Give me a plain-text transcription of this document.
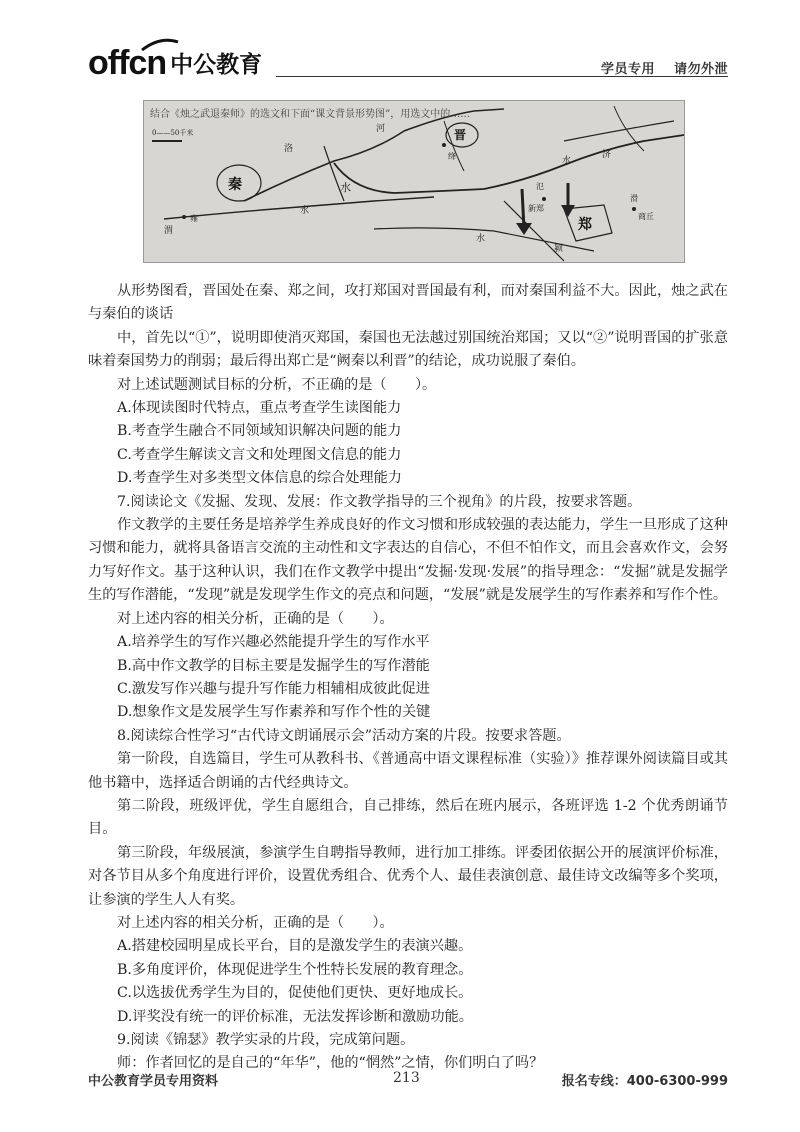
offcn 中公教育	学员专用 请勿外泄
秦
晋
郑
河
水
水
水
水
济
绛
雍
氾
滑
新郑
商丘
渭
洛
颍
0——50千米
结合《烛之武退秦师》的选文和下面“课文背景形势图”，用选文中的……

从形势图看，晋国处在秦、郑之间，攻打郑国对晋国最有利，而对秦国利益不大。因此，烛之武在与秦伯的谈话

中，首先以“①”，说明即使消灭郑国，秦国也无法越过别国统治郑国；又以“②”说明晋国的扩张意味着秦国势力的削弱；最后得出郑亡是“阙秦以利晋”的结论，成功说服了秦伯。

对上述试题测试目标的分析，不正确的是（　　）。

A.体现读图时代特点，重点考查学生读图能力

B.考查学生融合不同领域知识解决问题的能力

C.考查学生解读文言文和处理图文信息的能力

D.考查学生对多类型文体信息的综合处理能力

7.阅读论文《发掘、发现、发展：作文教学指导的三个视角》的片段，按要求答题。

作文教学的主要任务是培养学生养成良好的作文习惯和形成较强的表达能力，学生一旦形成了这种习惯和能力，就将具备语言交流的主动性和文字表达的自信心，不但不怕作文，而且会喜欢作文，会努力写好作文。基于这种认识，我们在作文教学中提出“发掘·发现·发展”的指导理念：“发掘”就是发掘学生的写作潜能，“发现”就是发现学生作文的亮点和问题，“发展”就是发展学生的写作素养和写作个性。

对上述内容的相关分析，正确的是（　　）。

A.培养学生的写作兴趣必然能提升学生的写作水平

B.高中作文教学的目标主要是发掘学生的写作潜能

C.激发写作兴趣与提升写作能力相辅相成彼此促进

D.想象作文是发展学生写作素养和写作个性的关键

8.阅读综合性学习“古代诗文朗诵展示会”活动方案的片段。按要求答题。

第一阶段，自选篇目，学生可从教科书、《普通高中语文课程标准（实验）》推荐课外阅读篇目或其他书籍中，选择适合朗诵的古代经典诗文。

第二阶段，班级评优，学生自愿组合，自己排练，然后在班内展示，各班评选 1-2 个优秀朗诵节目。

第三阶段，年级展演，参演学生自聘指导教师，进行加工排练。评委团依据公开的展演评价标准，对各节目从多个角度进行评价，设置优秀组合、优秀个人、最佳表演创意、最佳诗文改编等多个奖项，让参演的学生人人有奖。

对上述内容的相关分析，正确的是（　　）。

A.搭建校园明星成长平台，目的是激发学生的表演兴趣。

B.多角度评价，体现促进学生个性特长发展的教育理念。

C.以选拔优秀学生为目的，促使他们更快、更好地成长。

D.评奖没有统一的评价标准，无法发挥诊断和激励功能。

9.阅读《锦瑟》教学实录的片段，完成第问题。

师：作者回忆的是自己的“年华”，他的“惘然”之情，你们明白了吗？

中公教育学员专用资料	213	报名专线：400-6300-999
